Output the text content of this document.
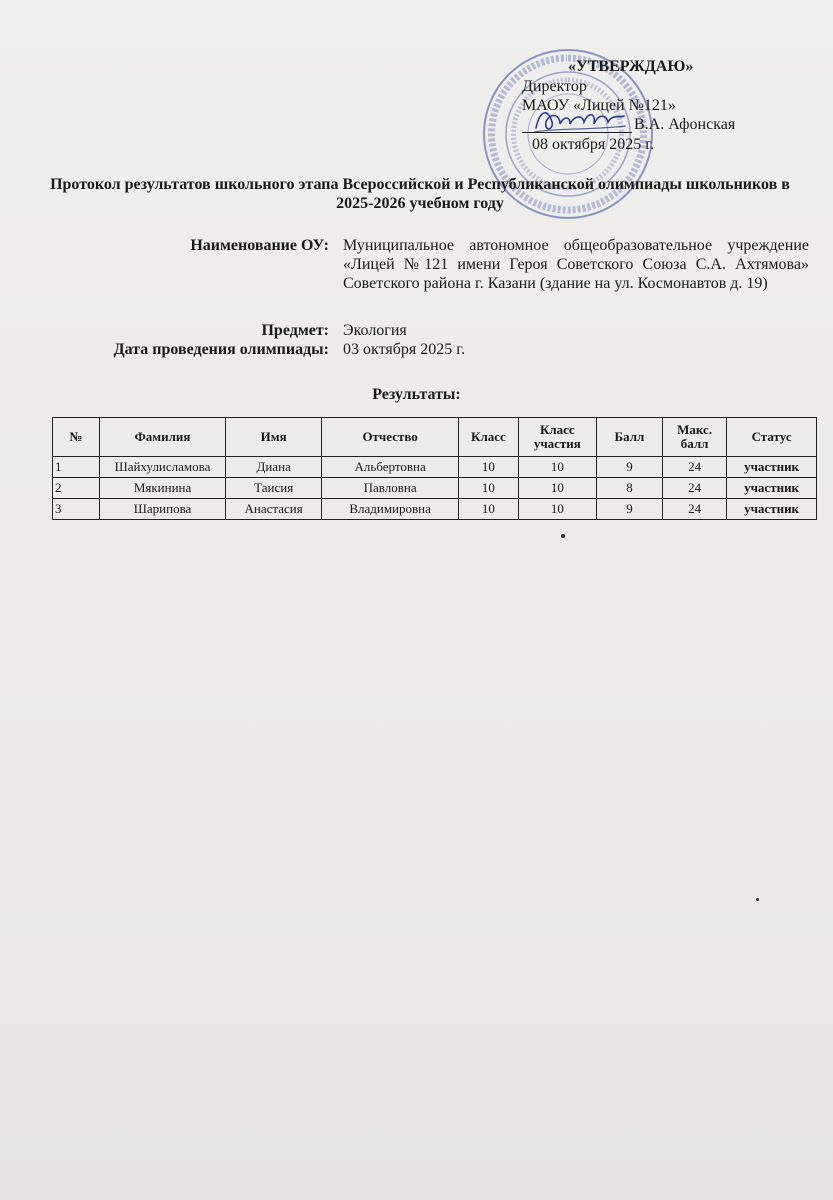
«УТВЕРЖДАЮ»
Директор
МАОУ «Лицей №121»
В.А. Афонская
08 октября 2025 г.
Протокол результатов школьного этапа Всероссийской и Республиканской олимпиады школьников в 2025-2026 учебном году
Наименование ОУ: Муниципальное автономное общеобразовательное учреждение «Лицей №121 имени Героя Советского Союза С.А. Ахтямова» Советского района г. Казани (здание на ул. Космонавтов д. 19)
Предмет: Экология
Дата проведения олимпиады: 03 октября 2025 г.
Результаты:
№	Фамилия	Имя	Отчество	Класс	Класс участия	Балл	Макс. балл	Статус
1	Шайхулисламова	Диана	Альбертовна	10	10	9	24	участник
2	Мякинина	Таисия	Павловна	10	10	8	24	участник
3	Шарипова	Анастасия	Владимировна	10	10	9	24	участник
